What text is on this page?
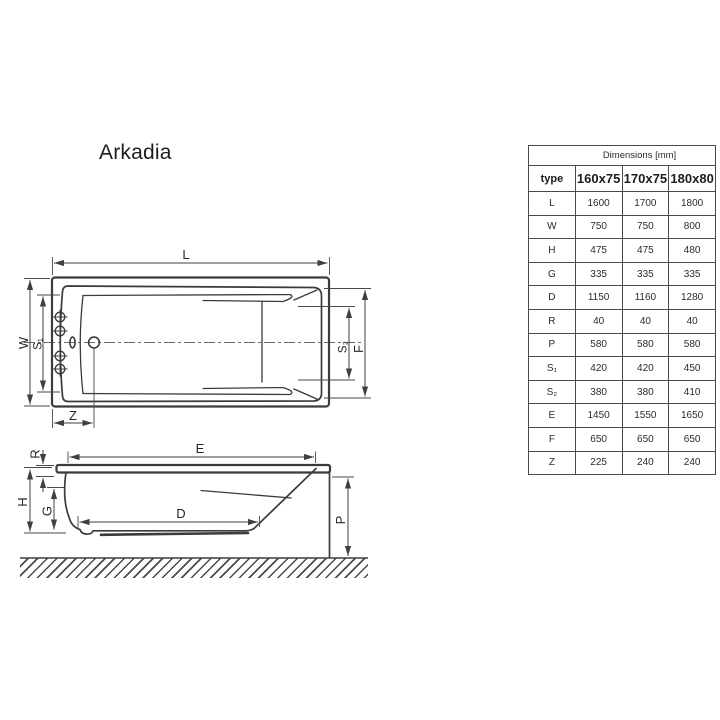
Arkadia
L
W S₁
Z
S₂ F
E
R
H
G	D	P
Dimensions [mm]			
type	160x75	170x75	180x80
L	1600	1700	1800
W	750	750	800
H	475	475	480
G	335	335	335
D	1150	1160	1280
R	40	40	40
P	580	580	580
S₁	420	420	450
S₂	380	380	410
E	1450	1550	1650
F	650	650	650
Z	225	240	240
